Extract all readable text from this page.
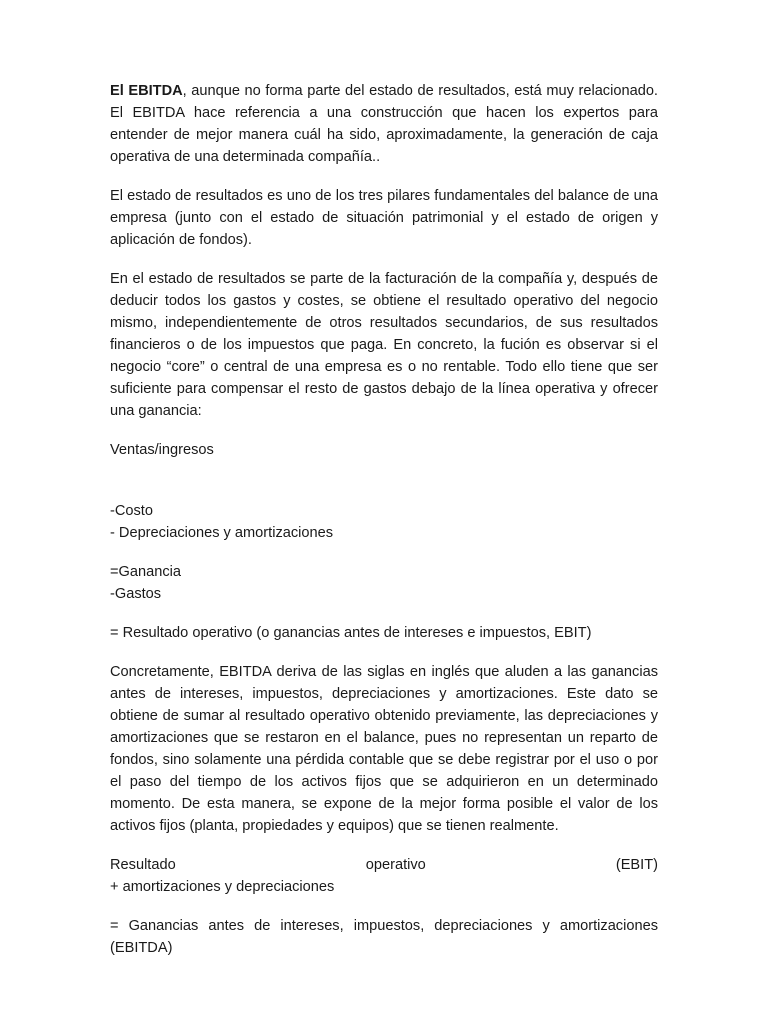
El EBITDA, aunque no forma parte del estado de resultados, está muy relacionado. El EBITDA hace referencia a una construcción que hacen los expertos para entender de mejor manera cuál ha sido, aproximadamente, la generación de caja operativa de una determinada compañía..

El estado de resultados es uno de los tres pilares fundamentales del balance de una empresa (junto con el estado de situación patrimonial y el estado de origen y aplicación de fondos).

En el estado de resultados se parte de la facturación de la compañía y, después de deducir todos los gastos y costes, se obtiene el resultado operativo del negocio mismo, independientemente de otros resultados secundarios, de sus resultados financieros o de los impuestos que paga. En concreto, la fución es observar si el negocio “core” o central de una empresa es o no rentable. Todo ello tiene que ser suficiente para compensar el resto de gastos debajo de la línea operativa y ofrecer una ganancia:

Ventas/ingresos

-Costo
- Depreciaciones y amortizaciones
=Ganancia
-Gastos

= Resultado operativo (o ganancias antes de intereses e impuestos, EBIT)

Concretamente, EBITDA deriva de las siglas en inglés que aluden a las ganancias antes de intereses, impuestos, depreciaciones y amortizaciones. Este dato se obtiene de sumar al resultado operativo obtenido previamente, las depreciaciones y amortizaciones que se restaron en el balance, pues no representan un reparto de fondos, sino solamente una pérdida contable que se debe registrar por el uso o por el paso del tiempo de los activos fijos que se adquirieron en un determinado momento. De esta manera, se expone de la mejor forma posible el valor de los activos fijos (planta, propiedades y equipos) que se tienen realmente.

Resultado	operativo	(EBIT)
+ amortizaciones y depreciaciones

= Ganancias antes de intereses, impuestos, depreciaciones y amortizaciones (EBITDA)
